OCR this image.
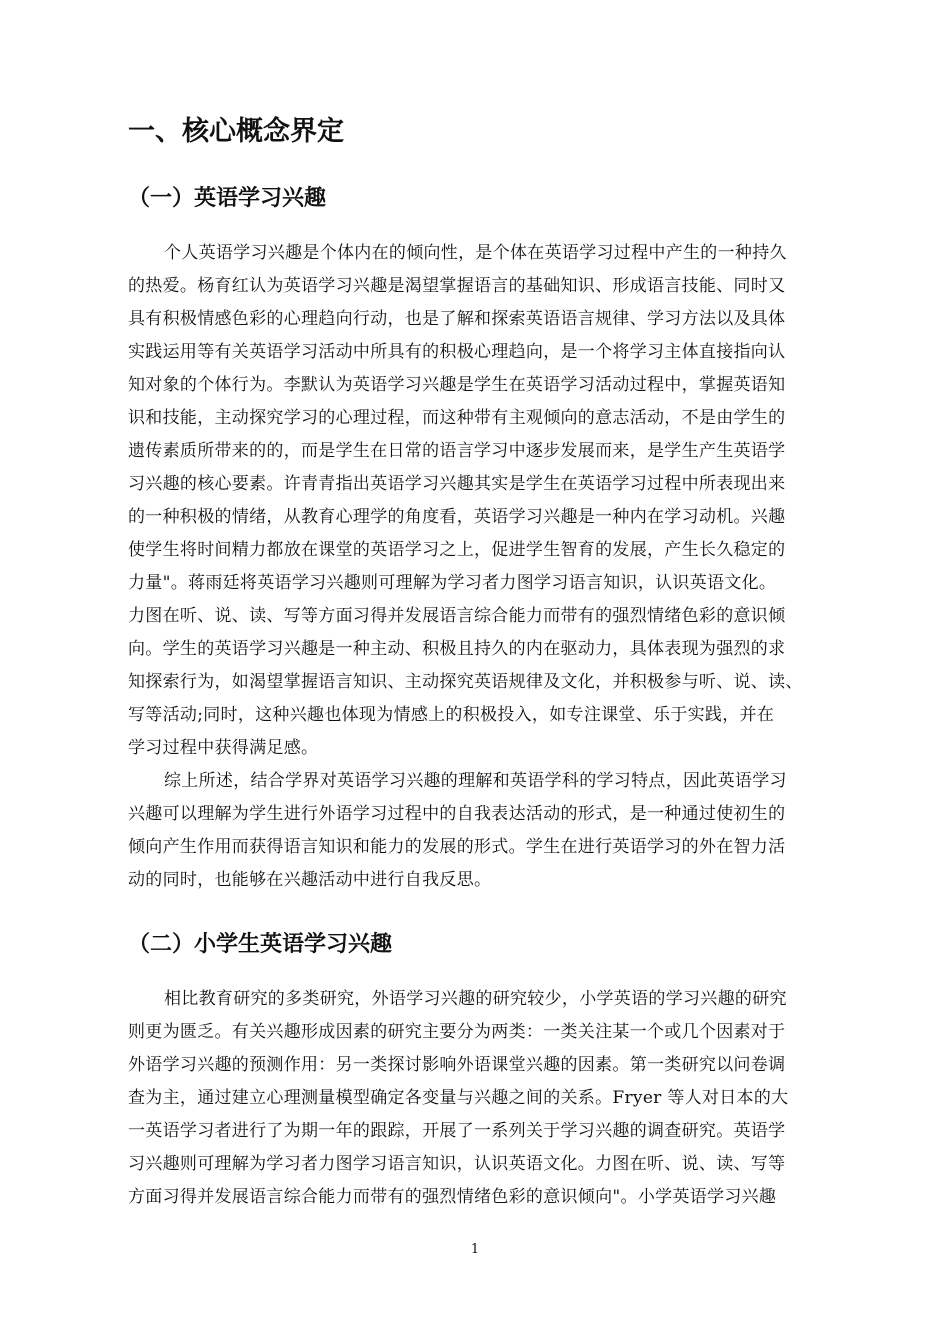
一、核心概念界定
（一）英语学习兴趣
个人英语学习兴趣是个体内在的倾向性，是个体在英语学习过程中产生的一种持久
的热爱。杨育红认为英语学习兴趣是渴望掌握语言的基础知识、形成语言技能、同时又
具有积极情感色彩的心理趋向行动，也是了解和探索英语语言规律、学习方法以及具体
实践运用等有关英语学习活动中所具有的积极心理趋向，是一个将学习主体直接指向认
知对象的个体行为。李默认为英语学习兴趣是学生在英语学习活动过程中，掌握英语知
识和技能，主动探究学习的心理过程，而这种带有主观倾向的意志活动，不是由学生的
遗传素质所带来的的，而是学生在日常的语言学习中逐步发展而来，是学生产生英语学
习兴趣的核心要素。许青青指出英语学习兴趣其实是学生在英语学习过程中所表现出来
的一种积极的情绪，从教育心理学的角度看，英语学习兴趣是一种内在学习动机。兴趣
使学生将时间精力都放在课堂的英语学习之上，促进学生智育的发展，产生长久稳定的
力量"。蒋雨廷将英语学习兴趣则可理解为学习者力图学习语言知识，认识英语文化。
力图在听、说、读、写等方面习得并发展语言综合能力而带有的强烈情绪色彩的意识倾
向。学生的英语学习兴趣是一种主动、积极且持久的内在驱动力，具体表现为强烈的求
知探索行为，如渴望掌握语言知识、主动探究英语规律及文化，并积极参与听、说、读、
写等活动;同时，这种兴趣也体现为情感上的积极投入，如专注课堂、乐于实践，并在
学习过程中获得满足感。
综上所述，结合学界对英语学习兴趣的理解和英语学科的学习特点，因此英语学习
兴趣可以理解为学生进行外语学习过程中的自我表达活动的形式，是一种通过使初生的
倾向产生作用而获得语言知识和能力的发展的形式。学生在进行英语学习的外在智力活
动的同时，也能够在兴趣活动中进行自我反思。
（二）小学生英语学习兴趣
相比教育研究的多类研究，外语学习兴趣的研究较少，小学英语的学习兴趣的研究
则更为匮乏。有关兴趣形成因素的研究主要分为两类：一类关注某一个或几个因素对于
外语学习兴趣的预测作用：另一类探讨影响外语课堂兴趣的因素。第一类研究以问卷调
查为主，通过建立心理测量模型确定各变量与兴趣之间的关系。Fryer 等人对日本的大
一英语学习者进行了为期一年的跟踪，开展了一系列关于学习兴趣的调查研究。英语学
习兴趣则可理解为学习者力图学习语言知识，认识英语文化。力图在听、说、读、写等
方面习得并发展语言综合能力而带有的强烈情绪色彩的意识倾向"。小学英语学习兴趣
1
